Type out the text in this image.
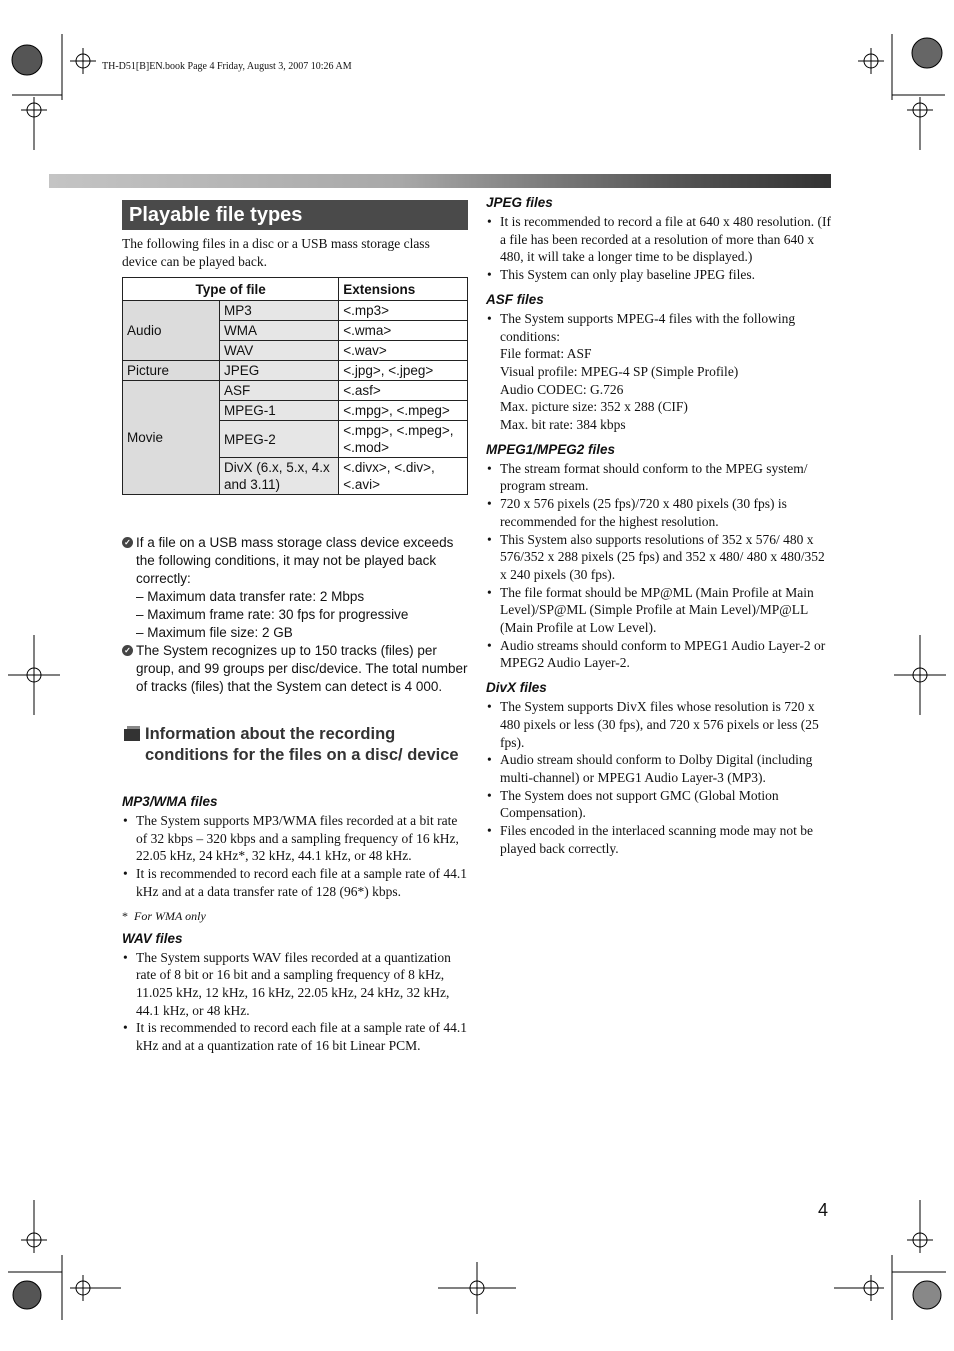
TH-D51[B]EN.book Page 4 Friday, August 3, 2007 10:26 AM
Playable file types
The following files in a disc or a USB mass storage class device can be played back.
Type of file		Extensions
Audio	MP3	<.mp3>
	WMA	<.wma>
	WAV	<.wav>
Picture	JPEG	<.jpg>, <.jpeg>
Movie	ASF	<.asf>
	MPEG-1	<.mpg>, <.mpeg>
	MPEG-2	<.mpg>, <.mpeg>, <.mod>
	DivX (6.x, 5.x, 4.x and 3.11)	<.divx>, <.div>, <.avi>
✓ If a file on a USB mass storage class device exceeds the following conditions, it may not be played back correctly:
– Maximum data transfer rate: 2 Mbps
– Maximum frame rate: 30 fps for progressive
– Maximum file size: 2 GB
✓ The System recognizes up to 150 tracks (files) per group, and 99 groups per disc/device. The total number of tracks (files) that the System can detect is 4 000.
Information about the recording conditions for the files on a disc/ device
MP3/WMA files
• The System supports MP3/WMA files recorded at a bit rate of 32 kbps – 320 kbps and a sampling frequency of 16 kHz, 22.05 kHz, 24 kHz*, 32 kHz, 44.1 kHz, or 48 kHz.
• It is recommended to record each file at a sample rate of 44.1 kHz and at a data transfer rate of 128 (96*) kbps.
* For WMA only
WAV files
• The System supports WAV files recorded at a quantization rate of 8 bit or 16 bit and a sampling frequency of 8 kHz, 11.025 kHz, 12 kHz, 16 kHz, 22.05 kHz, 24 kHz, 32 kHz, 44.1 kHz, or 48 kHz.
• It is recommended to record each file at a sample rate of 44.1 kHz and at a quantization rate of 16 bit Linear PCM.
JPEG files
• It is recommended to record a file at 640 x 480 resolution. (If a file has been recorded at a resolution of more than 640 x 480, it will take a longer time to be displayed.)
• This System can only play baseline JPEG files.
ASF files
• The System supports MPEG-4 files with the following conditions:
File format: ASF
Visual profile: MPEG-4 SP (Simple Profile)
Audio CODEC: G.726
Max. picture size: 352 x 288 (CIF)
Max. bit rate: 384 kbps
MPEG1/MPEG2 files
• The stream format should conform to the MPEG system/ program stream.
• 720 x 576 pixels (25 fps)/720 x 480 pixels (30 fps) is recommended for the highest resolution.
• This System also supports resolutions of 352 x 576/ 480 x 576/352 x 288 pixels (25 fps) and 352 x 480/ 480 x 480/352 x 240 pixels (30 fps).
• The file format should be MP@ML (Main Profile at Main Level)/SP@ML (Simple Profile at Main Level)/MP@LL (Main Profile at Low Level).
• Audio streams should conform to MPEG1 Audio Layer-2 or MPEG2 Audio Layer-2.
DivX files
• The System supports DivX files whose resolution is 720 x 480 pixels or less (30 fps), and 720 x 576 pixels or less (25 fps).
• Audio stream should conform to Dolby Digital (including multi-channel) or MPEG1 Audio Layer-3 (MP3).
• The System does not support GMC (Global Motion Compensation).
• Files encoded in the interlaced scanning mode may not be played back correctly.
4
